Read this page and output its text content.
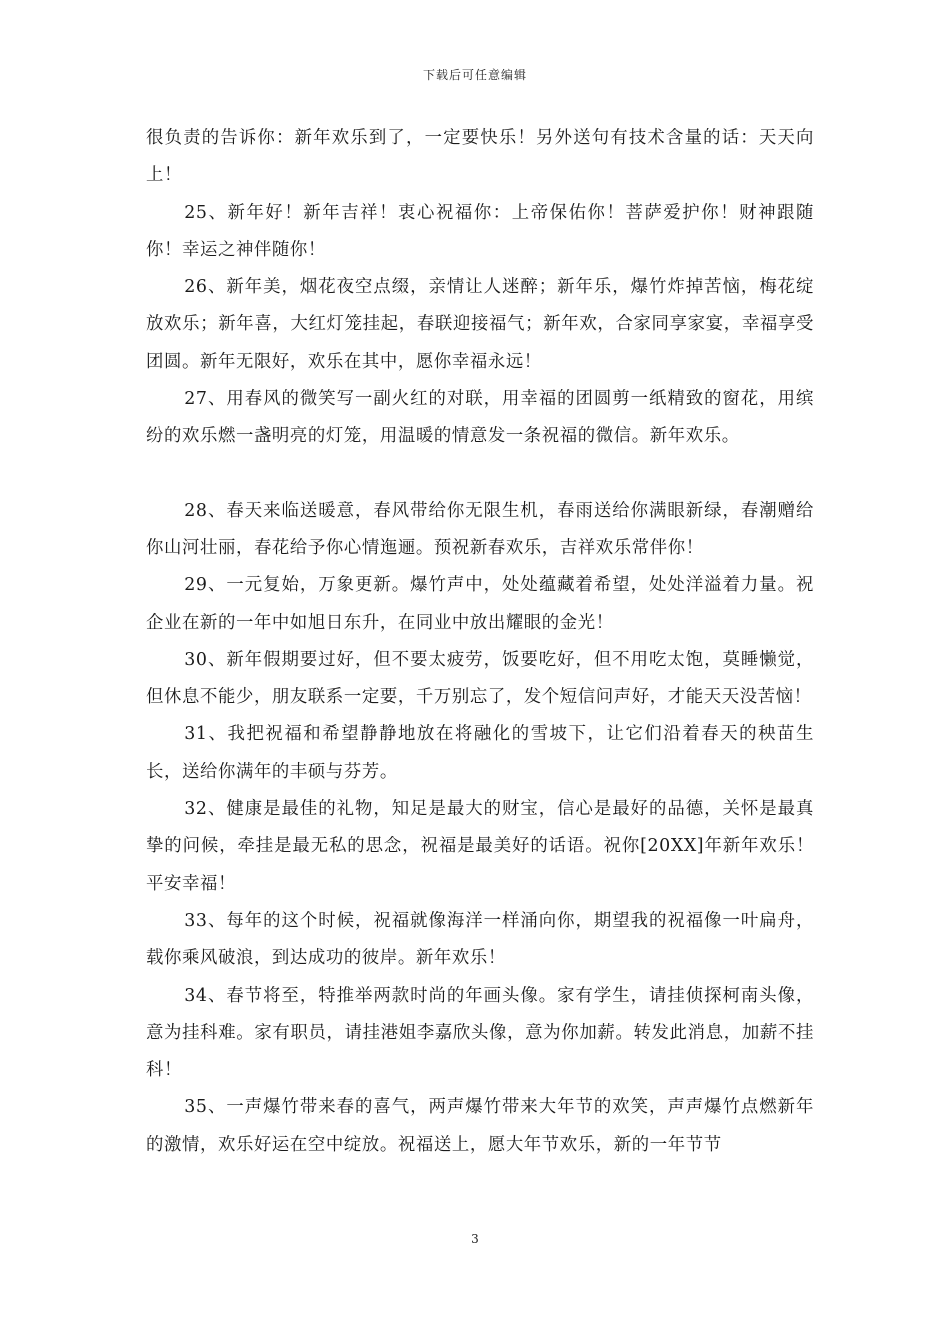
下载后可任意编辑

很负责的告诉你：新年欢乐到了，一定要快乐！另外送句有技术含量的话：天天向上！

25、新年好！新年吉祥！衷心祝福你：上帝保佑你！菩萨爱护你！财神跟随你！幸运之神伴随你！

26、新年美，烟花夜空点缀，亲情让人迷醉；新年乐，爆竹炸掉苦恼，梅花绽放欢乐；新年喜，大红灯笼挂起，春联迎接福气；新年欢，合家同享家宴，幸福享受团圆。新年无限好，欢乐在其中，愿你幸福永远！

27、用春风的微笑写一副火红的对联，用幸福的团圆剪一纸精致的窗花，用缤纷的欢乐燃一盏明亮的灯笼，用温暖的情意发一条祝福的微信。新年欢乐。

28、春天来临送暖意，春风带给你无限生机，春雨送给你满眼新绿，春潮赠给你山河壮丽，春花给予你心情迤逦。预祝新春欢乐，吉祥欢乐常伴你！

29、一元复始，万象更新。爆竹声中，处处蕴藏着希望，处处洋溢着力量。祝企业在新的一年中如旭日东升，在同业中放出耀眼的金光！

30、新年假期要过好，但不要太疲劳，饭要吃好，但不用吃太饱，莫睡懒觉，但休息不能少，朋友联系一定要，千万别忘了，发个短信问声好，才能天天没苦恼！

31、我把祝福和希望静静地放在将融化的雪坡下，让它们沿着春天的秧苗生长，送给你满年的丰硕与芬芳。

32、健康是最佳的礼物，知足是最大的财宝，信心是最好的品德，关怀是最真挚的问候，牵挂是最无私的思念，祝福是最美好的话语。祝你[20XX]年新年欢乐！平安幸福！

33、每年的这个时候，祝福就像海洋一样涌向你，期望我的祝福像一叶扁舟，载你乘风破浪，到达成功的彼岸。新年欢乐！

34、春节将至，特推举两款时尚的年画头像。家有学生，请挂侦探柯南头像，意为挂科难。家有职员，请挂港姐李嘉欣头像，意为你加薪。转发此消息，加薪不挂科！

35、一声爆竹带来春的喜气，两声爆竹带来大年节的欢笑，声声爆竹点燃新年的激情，欢乐好运在空中绽放。祝福送上，愿大年节欢乐，新的一年节节

3
